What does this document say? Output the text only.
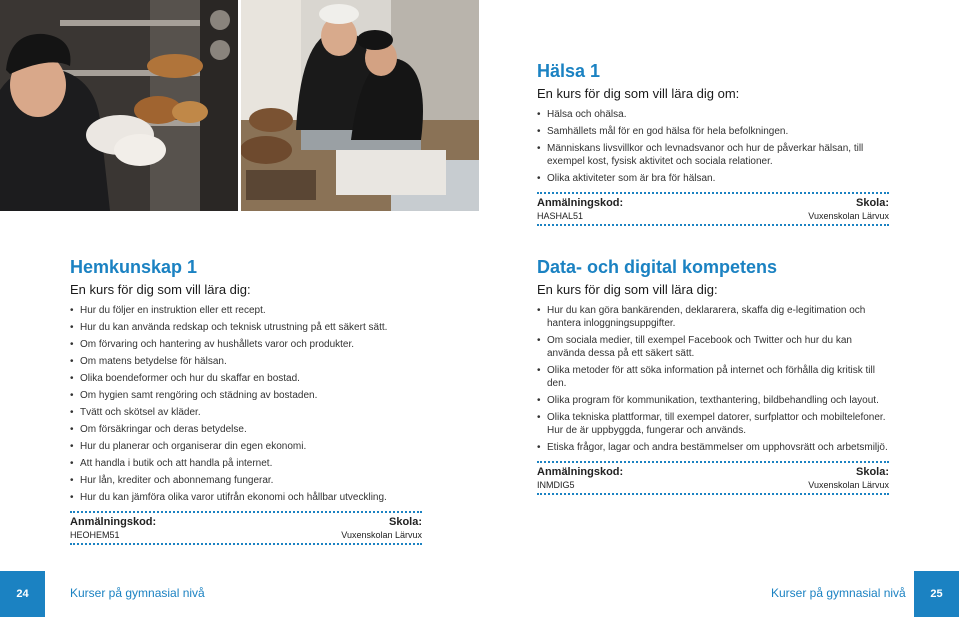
Hälsa 1
En kurs för dig som vill lära dig om:
• Hälsa och ohälsa.
• Samhällets mål för en god hälsa för hela befolkningen.
• Människans livsvillkor och levnadsvanor och hur de påverkar hälsan, till exempel kost, fysisk aktivitet och sociala relationer.
• Olika aktiviteter som är bra för hälsan.
Anmälningskod:
HASHAL51
Skola:
Vuxenskolan Lärvux
Hemkunskap 1
En kurs för dig som vill lära dig:
• Hur du följer en instruktion eller ett recept.
• Hur du kan använda redskap och teknisk utrustning på ett säkert sätt.
• Om förvaring och hantering av hushållets varor och produkter.
• Om matens betydelse för hälsan.
• Olika boendeformer och hur du skaffar en bostad.
• Om hygien samt rengöring och städning av bostaden.
• Tvätt och skötsel av kläder.
• Om försäkringar och deras betydelse.
• Hur du planerar och organiserar din egen ekonomi.
• Att handla i butik och att handla på internet.
• Hur lån, krediter och abonnemang fungerar.
• Hur du kan jämföra olika varor utifrån ekonomi och hållbar utveckling.
Anmälningskod:
HEOHEM51
Skola:
Vuxenskolan Lärvux
Data- och digital kompetens
En kurs för dig som vill lära dig:
• Hur du kan göra bankärenden, deklararera, skaffa dig e-legitimation och hantera inloggningsuppgifter.
• Om sociala medier, till exempel Facebook och Twitter och hur du kan använda dessa på ett säkert sätt.
• Olika metoder för att söka information på internet och förhålla dig kritisk till den.
• Olika program för kommunikation, texthantering, bildbehandling och layout.
• Olika tekniska plattformar, till exempel datorer, surfplattor och mobiltelefoner. Hur de är uppbyggda, fungerar och används.
• Etiska frågor, lagar och andra bestämmelser om upphovsrätt och arbetsmiljö.
Anmälningskod:
INMDIG5
Skola:
Vuxenskolan Lärvux
24	Kurser på gymnasial nivå	Kurser på gymnasial nivå	25
